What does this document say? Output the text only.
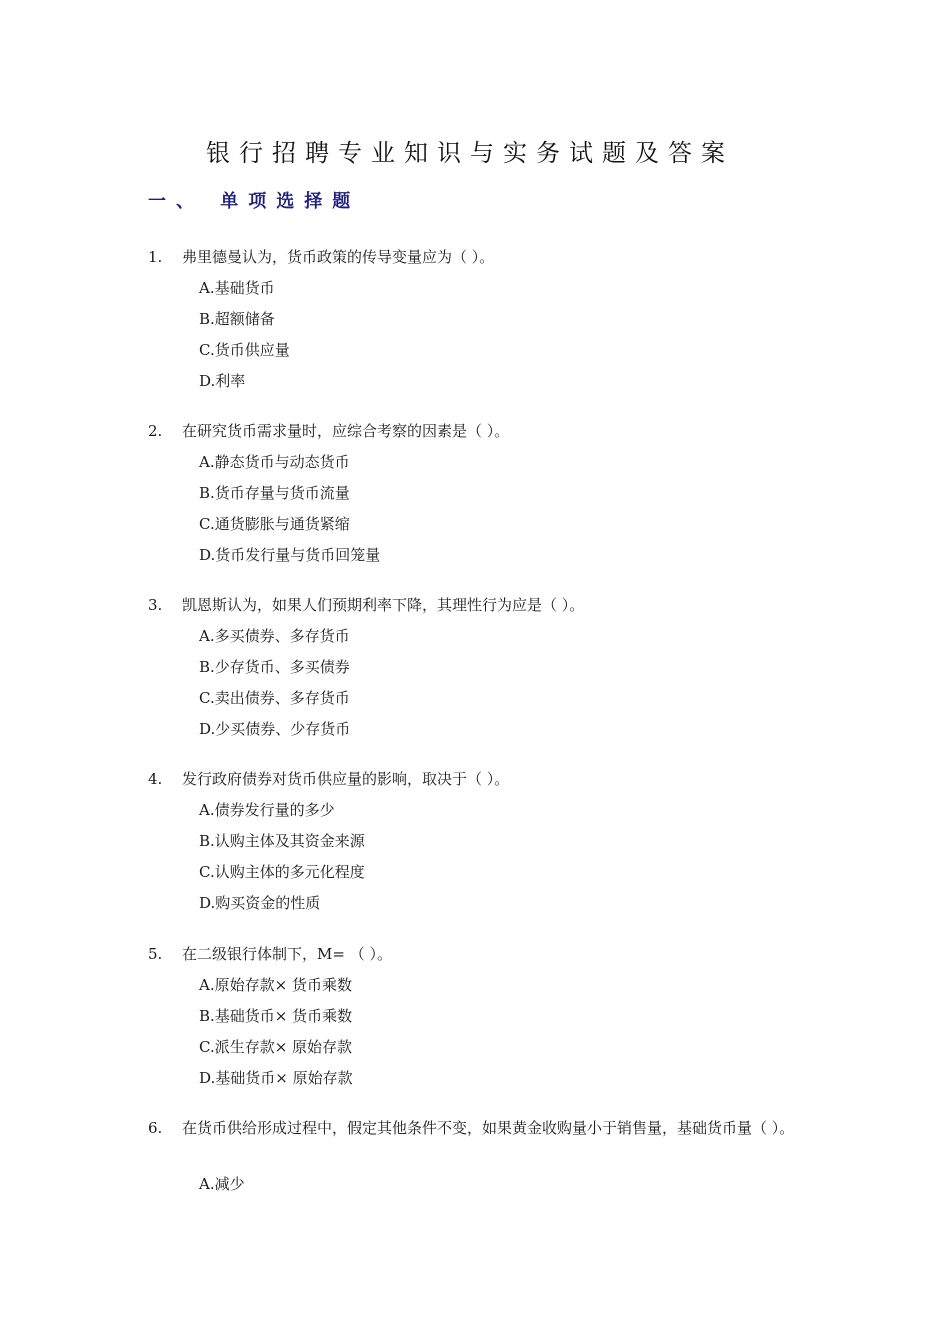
银行招聘专业知识与实务试题及答案
一、 单项选择题
1. 弗里德曼认为，货币政策的传导变量应为（ ）。
A.基础货币
B.超额储备
C.货币供应量
D.利率
2. 在研究货币需求量时，应综合考察的因素是（ ）。
A.静态货币与动态货币
B.货币存量与货币流量
C.通货膨胀与通货紧缩
D.货币发行量与货币回笼量
3. 凯恩斯认为，如果人们预期利率下降，其理性行为应是（ ）。
A.多买债券、多存货币
B.少存货币、多买债券
C.卖出债券、多存货币
D.少买债券、少存货币
4. 发行政府债券对货币供应量的影响，取决于（ ）。
A.债券发行量的多少
B.认购主体及其资金来源
C.认购主体的多元化程度
D.购买资金的性质
5. 在二级银行体制下，M= （ ）。
A.原始存款× 货币乘数
B.基础货币× 货币乘数
C.派生存款× 原始存款
D.基础货币× 原始存款
6. 在货币供给形成过程中，假定其他条件不变，如果黄金收购量小于销售量，基础货币量（ ）。
A.减少
